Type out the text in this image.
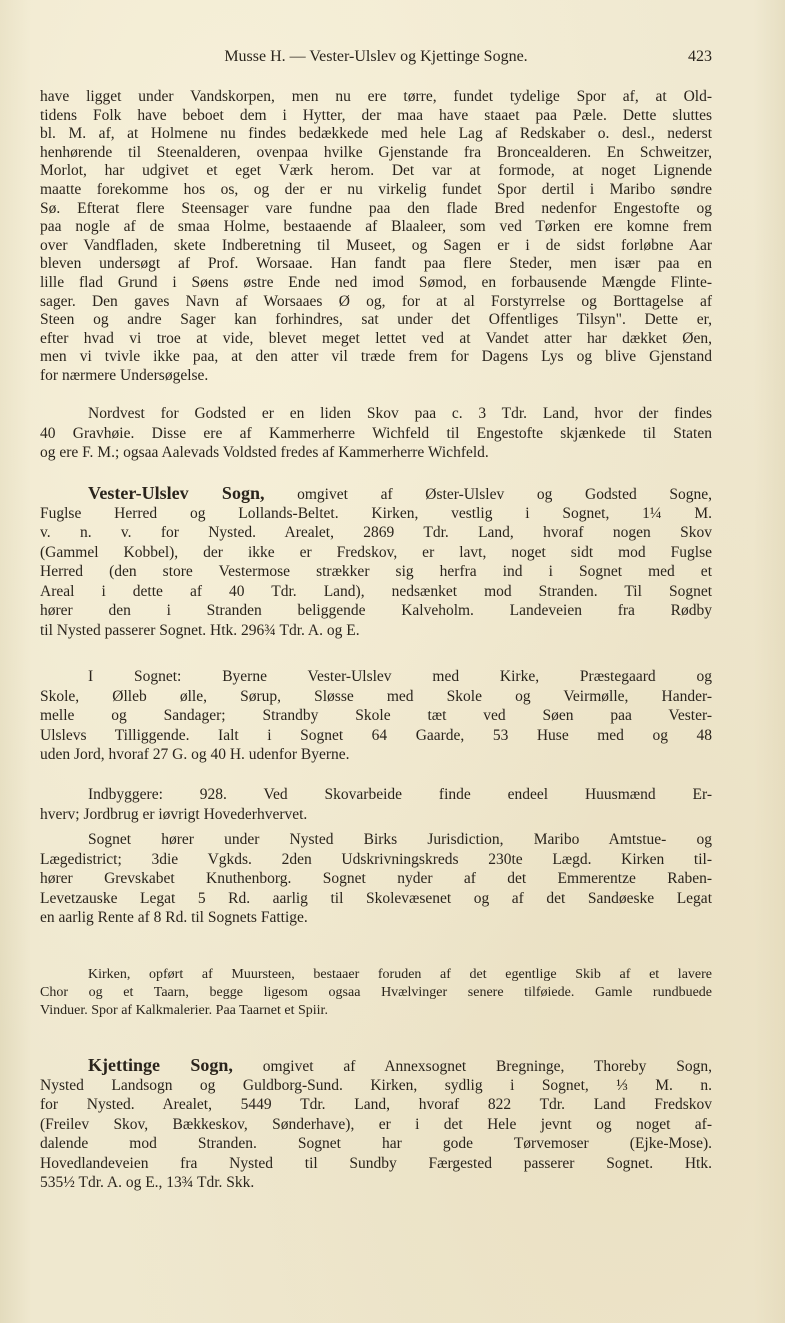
Musse H. — Vester-Ulslev og Kjettinge Sogne.	423
have ligget under Vandskorpen, men nu ere tørre, fundet tydelige Spor af, at Old-
tidens Folk have beboet dem i Hytter, der maa have staaet paa Pæle. Dette sluttes
bl. M. af, at Holmene nu findes bedækkede med hele Lag af Redskaber o. desl., nederst
henhørende til Steenalderen, ovenpaa hvilke Gjenstande fra Broncealderen. En Schweitzer,
Morlot, har udgivet et eget Værk herom. Det var at formode, at noget Lignende
maatte forekomme hos os, og der er nu virkelig fundet Spor dertil i Maribo søndre
Sø. Efterat flere Steensager vare fundne paa den flade Bred nedenfor Engestofte og
paa nogle af de smaa Holme, bestaaende af Blaaleer, som ved Tørken ere komne frem
over Vandfladen, skete Indberetning til Museet, og Sagen er i de sidst forløbne Aar
bleven undersøgt af Prof. Worsaae. Han fandt paa flere Steder, men især paa en
lille flad Grund i Søens østre Ende ned imod Sømod, en forbausende Mængde Flinte-
sager. Den gaves Navn af Worsaaes Ø og, for at al Forstyrrelse og Borttagelse af
Steen og andre Sager kan forhindres, sat under det Offentliges Tilsyn". Dette er,
efter hvad vi troe at vide, blevet meget lettet ved at Vandet atter har dækket Øen,
men vi tvivle ikke paa, at den atter vil træde frem for Dagens Lys og blive Gjenstand
for nærmere Undersøgelse.
Nordvest for Godsted er en liden Skov paa c. 3 Tdr. Land, hvor der findes
40 Gravhøie. Disse ere af Kammerherre Wichfeld til Engestofte skjænkede til Staten
og ere F. M.; ogsaa Aalevads Voldsted fredes af Kammerherre Wichfeld.
Vester-Ulslev Sogn, omgivet af Øster-Ulslev og Godsted Sogne,
Fuglse Herred og Lollands-Beltet. Kirken, vestlig i Sognet, 1¼ M.
v. n. v. for Nysted. Arealet, 2869 Tdr. Land, hvoraf nogen Skov
(Gammel Kobbel), der ikke er Fredskov, er lavt, noget sidt mod Fuglse
Herred (den store Vestermose strækker sig herfra ind i Sognet med et
Areal i dette af 40 Tdr. Land), nedsænket mod Stranden. Til Sognet
hører den i Stranden beliggende Kalveholm. Landeveien fra Rødby
til Nysted passerer Sognet. Htk. 296¾ Tdr. A. og E.
I Sognet: Byerne Vester-Ulslev med Kirke, Præstegaard og
Skole, Ølleb ølle, Sørup, Sløsse med Skole og Veirmølle, Hander-
melle og Sandager; Strandby Skole tæt ved Søen paa Vester-
Ulslevs Tilliggende. Ialt i Sognet 64 Gaarde, 53 Huse med og 48
uden Jord, hvoraf 27 G. og 40 H. udenfor Byerne.
Indbyggere: 928. Ved Skovarbeide finde endeel Huusmænd Er-
hverv; Jordbrug er iøvrigt Hovederhvervet.
Sognet hører under Nysted Birks Jurisdiction, Maribo Amtstue- og
Lægedistrict; 3die Vgkds. 2den Udskrivningskreds 230te Lægd. Kirken til-
hører Grevskabet Knuthenborg. Sognet nyder af det Emmerentze Raben-
Levetzauske Legat 5 Rd. aarlig til Skolevæsenet og af det Sandøeske Legat
en aarlig Rente af 8 Rd. til Sognets Fattige.
Kirken, opført af Muursteen, bestaaer foruden af det egentlige Skib af et lavere
Chor og et Taarn, begge ligesom ogsaa Hvælvinger senere tilføiede. Gamle rundbuede
Vinduer. Spor af Kalkmalerier. Paa Taarnet et Spiir.
Kjettinge Sogn, omgivet af Annexsognet Bregninge, Thoreby Sogn,
Nysted Landsogn og Guldborg-Sund. Kirken, sydlig i Sognet, ⅓ M. n.
for Nysted. Arealet, 5449 Tdr. Land, hvoraf 822 Tdr. Land Fredskov
(Freilev Skov, Bækkeskov, Sønderhave), er i det Hele jevnt og noget af-
dalende mod Stranden. Sognet har gode Tørvemoser (Ejke-Mose).
Hovedlandeveien fra Nysted til Sundby Færgested passerer Sognet. Htk.
535½ Tdr. A. og E., 13¾ Tdr. Skk.
